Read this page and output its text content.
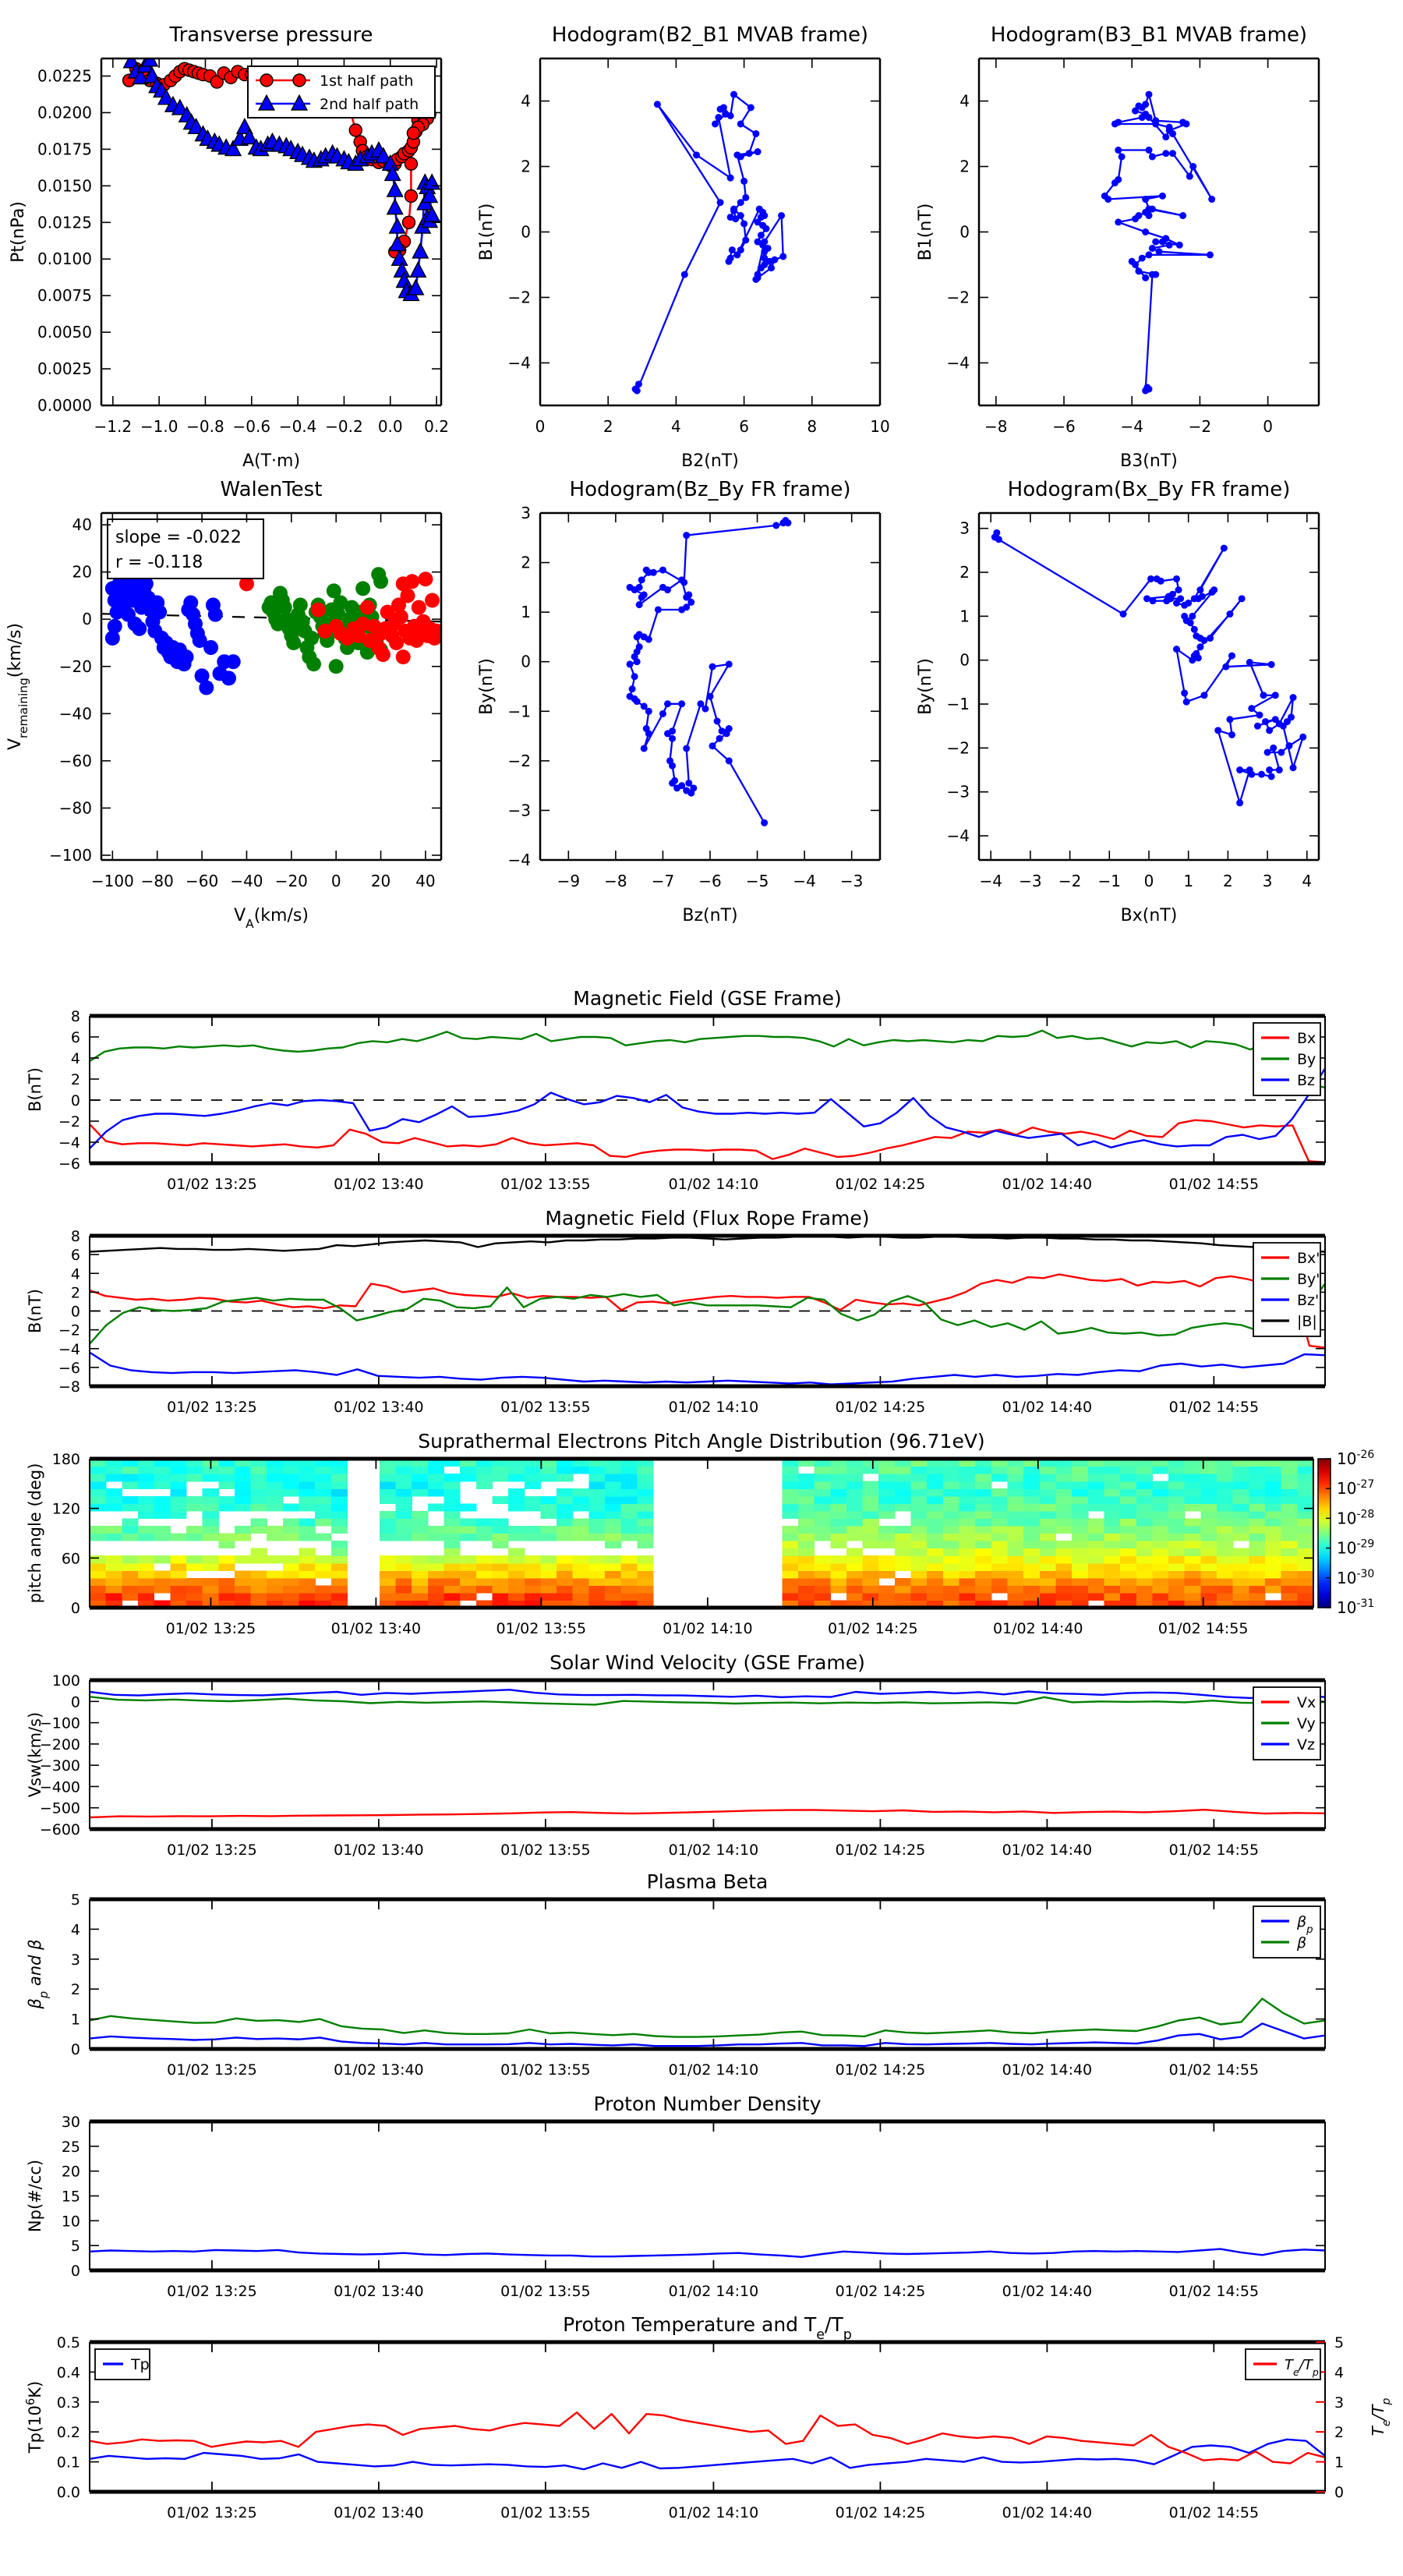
−1.2 −1.0 −0.8 −0.6 −0.4 −0.2 0.0 0.2
0.0000
0.0025
0.0050
0.0075
0.0100
0.0125
0.0150
0.0175
0.0200
0.0225
Transverse pressure
A(T·m)
Pt(nPa)
1st half path
2nd half path
0	2	4	6	8	10
−4
−2
0
2
4
Hodogram(B2_B1 MVAB frame)
B2(nT)
B1(nT)
−8	−6	−4	−2	0
−4
−2
0
2
4
Hodogram(B3_B1 MVAB frame)
B3(nT)
B1(nT)
slope = -0.022
r = -0.118
−100 −80 −60 −40 −20 0 20 40
−100
−80
−60
−40
−20
0
20
40
WalenTest
$V_A(km/s)$
$V_{remaining}(km/s)$
−9 −8 −7 −6 −5 −4 −3
−4
−3
−2
−1
0
1
2
3
Hodogram(Bz_By FR frame)
Bz(nT)
By(nT)
−4 −3 −2 −1 0 1 2 3 4
−4
−3
−2
−1
0
1
2
3
Hodogram(Bx_By FR frame)
Bx(nT)
By(nT)
01/02 13:25	01/02 13:40	01/02 13:55	01/02 14:10	01/02 14:25	01/02 14:40	01/02 14:55
−6
−4
−2
0
2
4
6
8
Magnetic Field (GSE Frame)
B(nT)
Bx
By
Bz
01/02 13:25	01/02 13:40	01/02 13:55	01/02 14:10	01/02 14:25	01/02 14:40	01/02 14:55
−8
−6
−4
−2
0
2
4
6
8
Magnetic Field (Flux Rope Frame)
B(nT)
Bx'
By'
Bz'
|B|
$10^{-26}$
$10^{-27}$
$10^{-28}$
$10^{-29}$
$10^{-30}$
$10^{-31}$
01/02 13:25	01/02 13:40	01/02 13:55	01/02 14:10	01/02 14:25	01/02 14:40	01/02 14:55
0
60
120
180
Suprathermal Electrons Pitch Angle Distribution (96.71eV)
pitch angle (deg)
01/02 13:25	01/02 13:40	01/02 13:55	01/02 14:10	01/02 14:25	01/02 14:40	01/02 14:55
100
0
−100
−200
−300
−400
−500
−600
Solar Wind Velocity (GSE Frame)
Vsw(km/s)
Vx
Vy
Vz
01/02 13:25	01/02 13:40	01/02 13:55	01/02 14:10	01/02 14:25	01/02 14:40	01/02 14:55
0
1
2
3
4
5
Plasma Beta
$\beta_p$ and β
$\beta_p$
β
01/02 13:25	01/02 13:40	01/02 13:55	01/02 14:10	01/02 14:25	01/02 14:40	01/02 14:55
0
5
10
15
20
25
30
Proton Number Density
Np(#/cc)
01/02 13:25	01/02 13:40	01/02 13:55	01/02 14:10	01/02 14:25	01/02 14:40	01/02 14:55
0.0
0.1
0.2
0.3
0.4
0.5
0
1
2
3
4
5
$T_e/T_p$
Proton Temperature and $T_e/T_p$
$Tp(10^6K)$
Tp	$T_e/T_p$
